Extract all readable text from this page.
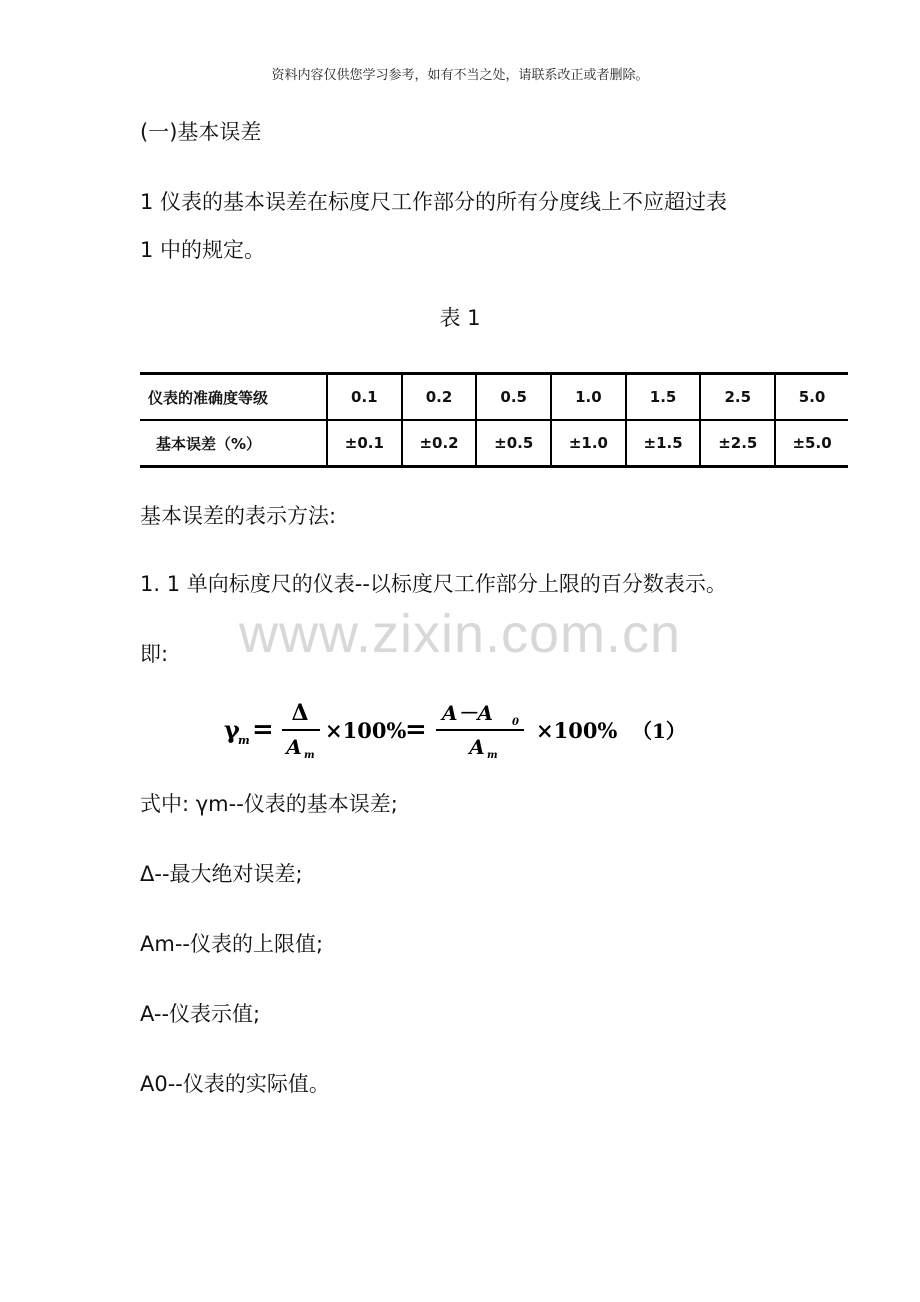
资料内容仅供您学习参考，如有不当之处，请联系改正或者删除。
(一)基本误差
1 仪表的基本误差在标度尺工作部分的所有分度线上不应超过表
1 中的规定。
表 1
仪表的准确度等级	0.1	0.2	0.5	1.0	1.5	2.5	5.0
基本误差（%）	±0.1	±0.2	±0.5	±1.0	±1.5	±2.5	±5.0
基本误差的表示方法:
1. 1 单向标度尺的仪表--以标度尺工作部分上限的百分数表示。
www.zixin.com.cn
即:
γ
m =
Δ
A m
×100%
=
A－A 0
A m
×100% （1）
式中: γm--仪表的基本误差;
Δ--最大绝对误差;
Am--仪表的上限值;
A--仪表示值;
A0--仪表的实际值。
